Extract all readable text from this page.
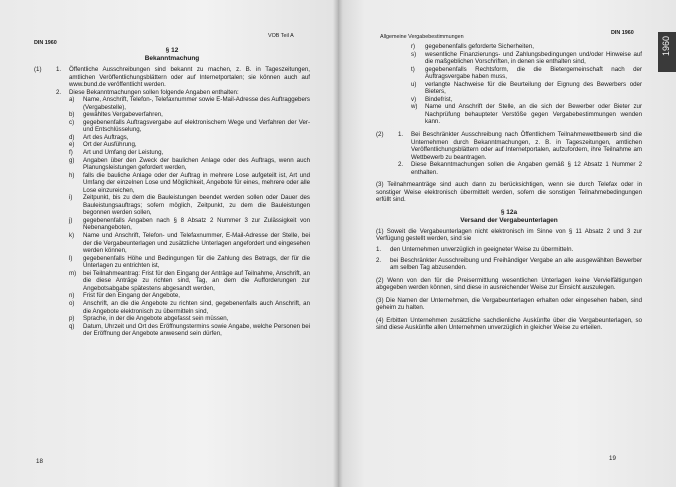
DIN 1960
VOB Teil A
§ 12
Bekanntmachung
(1)	1.	Öffentliche Ausschreibungen sind bekannt zu machen, z. B. in Tageszeitungen, amtlichen Veröffentlichungsblättern oder auf Internetportalen; sie können auch auf www.bund.de veröffentlicht werden.
2.	Diese Bekanntmachungen sollen folgende Angaben enthalten:
a)	Name, Anschrift, Telefon-, Telefaxnummer sowie E-Mail-Adresse des Auftraggebers (Vergabestelle),
b)	gewähltes Vergabeverfahren,
c)	gegebenenfalls Auftragsvergabe auf elektronischem Wege und Verfahren der Ver- und Entschlüsselung,
d)	Art des Auftrags,
e)	Ort der Ausführung,
f)	Art und Umfang der Leistung,
g)	Angaben über den Zweck der baulichen Anlage oder des Auftrags, wenn auch Planungsleistungen gefordert werden,
h)	falls die bauliche Anlage oder der Auftrag in mehrere Lose aufgeteilt ist, Art und Umfang der einzelnen Lose und Möglichkeit, Angebote für eines, mehrere oder alle Lose einzureichen,
i)	Zeitpunkt, bis zu dem die Bauleistungen beendet werden sollen oder Dauer des Bauleistungsauftrags; sofern möglich, Zeitpunkt, zu dem die Bauleistungen begonnen werden sollen,
j)	gegebenenfalls Angaben nach § 8 Absatz 2 Nummer 3 zur Zulässigkeit von Nebenangeboten,
k)	Name und Anschrift, Telefon- und Telefaxnummer, E-Mail-Adresse der Stelle, bei der die Vergabeunterlagen und zusätzliche Unterlagen angefordert und eingesehen werden können,
l)	gegebenenfalls Höhe und Bedingungen für die Zahlung des Betrags, der für die Unterlagen zu entrichten ist,
m)	bei Teilnahmeantrag: Frist für den Eingang der Anträge auf Teilnahme, Anschrift, an die diese Anträge zu richten sind, Tag, an dem die Aufforderungen zur Angebotsabgabe spätestens abgesandt werden,
n)	Frist für den Eingang der Angebote,
o)	Anschrift, an die die Angebote zu richten sind, gegebenenfalls auch Anschrift, an die Angebote elektronisch zu übermitteln sind,
p)	Sprache, in der die Angebote abgefasst sein müssen,
q)	Datum, Uhrzeit und Ort des Eröffnungstermins sowie Angabe, welche Personen bei der Eröffnung der Angebote anwesend sein dürfen,
18
Allgemeine Vergabebestimmungen
DIN 1960
19
r)	gegebenenfalls geforderte Sicherheiten,
s)	wesentliche Finanzierungs- und Zahlungsbedingungen und/oder Hinweise auf die maßgeblichen Vorschriften, in denen sie enthalten sind,
t)	gegebenenfalls Rechtsform, die die Bietergemeinschaft nach der Auftragsvergabe haben muss,
u)	verlangte Nachweise für die Beurteilung der Eignung des Bewerbers oder Bieters,
v)	Bindefrist,
w)	Name und Anschrift der Stelle, an die sich der Bewerber oder Bieter zur Nachprüfung behaupteter Verstöße gegen Vergabebestimmungen wenden kann.
(2)	1.	Bei Beschränkter Ausschreibung nach Öffentlichem Teilnahmewettbewerb sind die Unternehmen durch Bekanntmachungen, z. B. in Tageszeitungen, amtlichen Veröffentlichungsblättern oder auf Internetportalen, aufzufordern, ihre Teilnahme am Wettbewerb zu beantragen.
2.	Diese Bekanntmachungen sollen die Angaben gemäß § 12 Absatz 1 Nummer 2 enthalten.
(3) Teilnahmeanträge sind auch dann zu berücksichtigen, wenn sie durch Telefax oder in sonstiger Weise elektronisch übermittelt werden, sofern die sonstigen Teilnahmebedingungen erfüllt sind.
§ 12a
Versand der Vergabeunterlagen
(1) Soweit die Vergabeunterlagen nicht elektronisch im Sinne von § 11 Absatz 2 und 3 zur Verfügung gestellt werden, sind sie
1.	den Unternehmen unverzüglich in geeigneter Weise zu übermitteln.
2.	bei Beschränkter Ausschreibung und Freihändiger Vergabe an alle ausgewählten Bewerber am selben Tag abzusenden.
(2) Wenn von den für die Preisermittlung wesentlichen Unterlagen keine Vervielfältigungen abgegeben werden können, sind diese in ausreichender Weise zur Einsicht auszulegen.
(3) Die Namen der Unternehmen, die Vergabeunterlagen erhalten oder eingesehen haben, sind geheim zu halten.
(4) Erbitten Unternehmen zusätzliche sachdienliche Auskünfte über die Vergabeunterlagen, so sind diese Auskünfte allen Unternehmen unverzüglich in gleicher Weise zu erteilen.
1960
